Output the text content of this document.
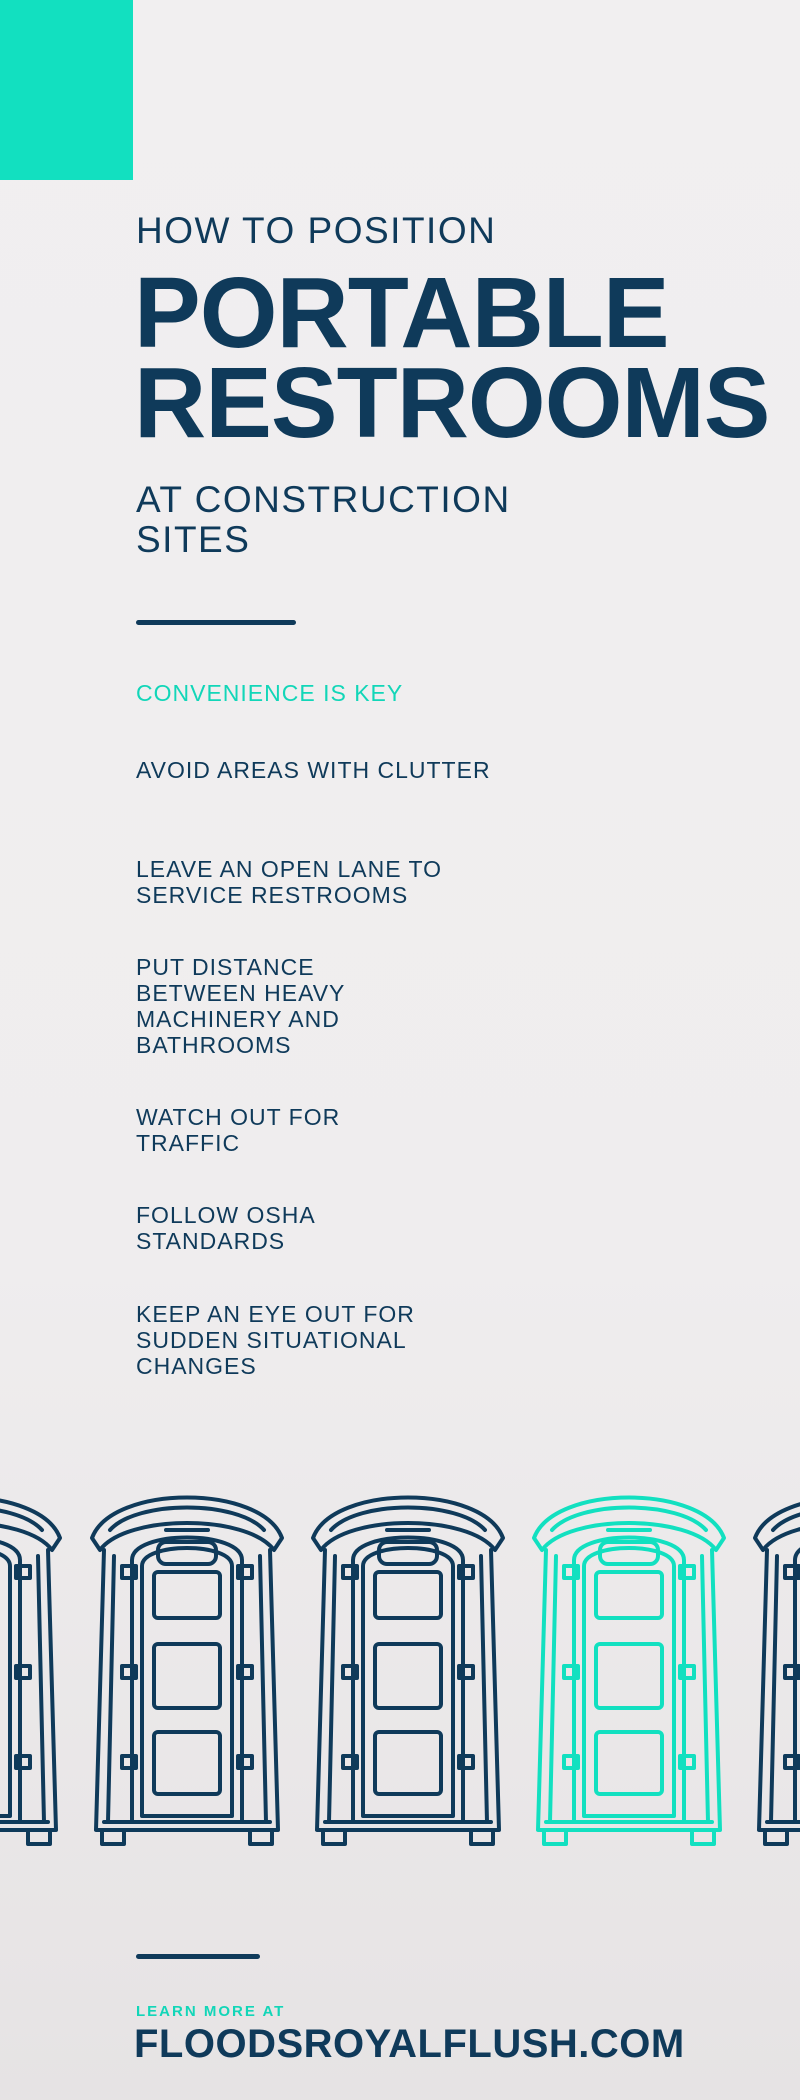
HOW TO POSITION
PORTABLE
RESTROOMS
AT CONSTRUCTION SITES
CONVENIENCE IS KEY
AVOID AREAS WITH CLUTTER
LEAVE AN OPEN LANE TO SERVICE RESTROOMS
PUT DISTANCE BETWEEN HEAVY MACHINERY AND BATHROOMS
WATCH OUT FOR TRAFFIC
FOLLOW OSHA STANDARDS
KEEP AN EYE OUT FOR SUDDEN SITUATIONAL CHANGES
LEARN MORE AT
FLOODSROYALFLUSH.COM
